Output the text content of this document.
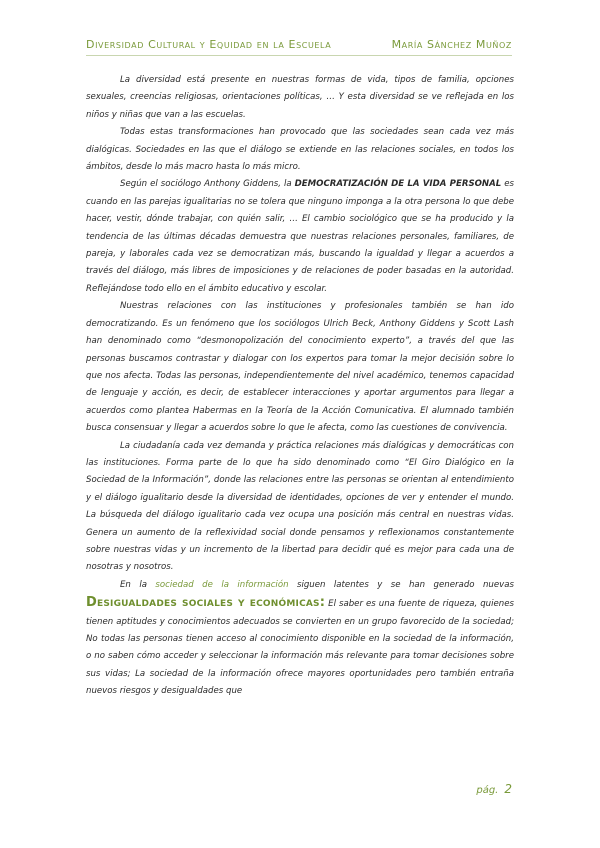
Diversidad Cultural y Equidad en la Escuela	María Sánchez Muñoz

La diversidad está presente en nuestras formas de vida, tipos de familia, opciones sexuales, creencias religiosas, orientaciones políticas, … Y esta diversidad se ve reflejada en los niños y niñas que van a las escuelas.

Todas estas transformaciones han provocado que las sociedades sean cada vez más dialógicas. Sociedades en las que el diálogo se extiende en las relaciones sociales, en todos los ámbitos, desde lo más macro hasta lo más micro.

Según el sociólogo Anthony Giddens, la DEMOCRATIZACIÓN DE LA VIDA PERSONAL es cuando en las parejas igualitarias no se tolera que ninguno imponga a la otra persona lo que debe hacer, vestir, dónde trabajar, con quién salir, … El cambio sociológico que se ha producido y la tendencia de las últimas décadas demuestra que nuestras relaciones personales, familiares, de pareja, y laborales cada vez se democratizan más, buscando la igualdad y llegar a acuerdos a través del diálogo, más libres de imposiciones y de relaciones de poder basadas en la autoridad. Reflejándose todo ello en el ámbito educativo y escolar.

Nuestras relaciones con las instituciones y profesionales también se han ido democratizando. Es un fenómeno que los sociólogos Ulrich Beck, Anthony Giddens y Scott Lash han denominado como “desmonopolización del conocimiento experto”, a través del que las personas buscamos contrastar y dialogar con los expertos para tomar la mejor decisión sobre lo que nos afecta. Todas las personas, independientemente del nivel académico, tenemos capacidad de lenguaje y acción, es decir, de establecer interacciones y aportar argumentos para llegar a acuerdos como plantea Habermas en la Teoría de la Acción Comunicativa. El alumnado también busca consensuar y llegar a acuerdos sobre lo que le afecta, como las cuestiones de convivencia.

La ciudadanía cada vez demanda y práctica relaciones más dialógicas y democráticas con las instituciones. Forma parte de lo que ha sido denominado como “El Giro Dialógico en la Sociedad de la Información”, donde las relaciones entre las personas se orientan al entendimiento y el diálogo igualitario desde la diversidad de identidades, opciones de ver y entender el mundo. La búsqueda del diálogo igualitario cada vez ocupa una posición más central en nuestras vidas. Genera un aumento de la reflexividad social donde pensamos y reflexionamos constantemente sobre nuestras vidas y un incremento de la libertad para decidir qué es mejor para cada una de nosotras y nosotros.

En la sociedad de la información siguen latentes y se han generado nuevas Desigualdades sociales y económicas: El saber es una fuente de riqueza, quienes tienen aptitudes y conocimientos adecuados se convierten en un grupo favorecido de la sociedad; No todas las personas tienen acceso al conocimiento disponible en la sociedad de la información, o no saben cómo acceder y seleccionar la información más relevante para tomar decisiones sobre sus vidas; La sociedad de la información ofrece mayores oportunidades pero también entraña nuevos riesgos y desigualdades que

pág. 2
